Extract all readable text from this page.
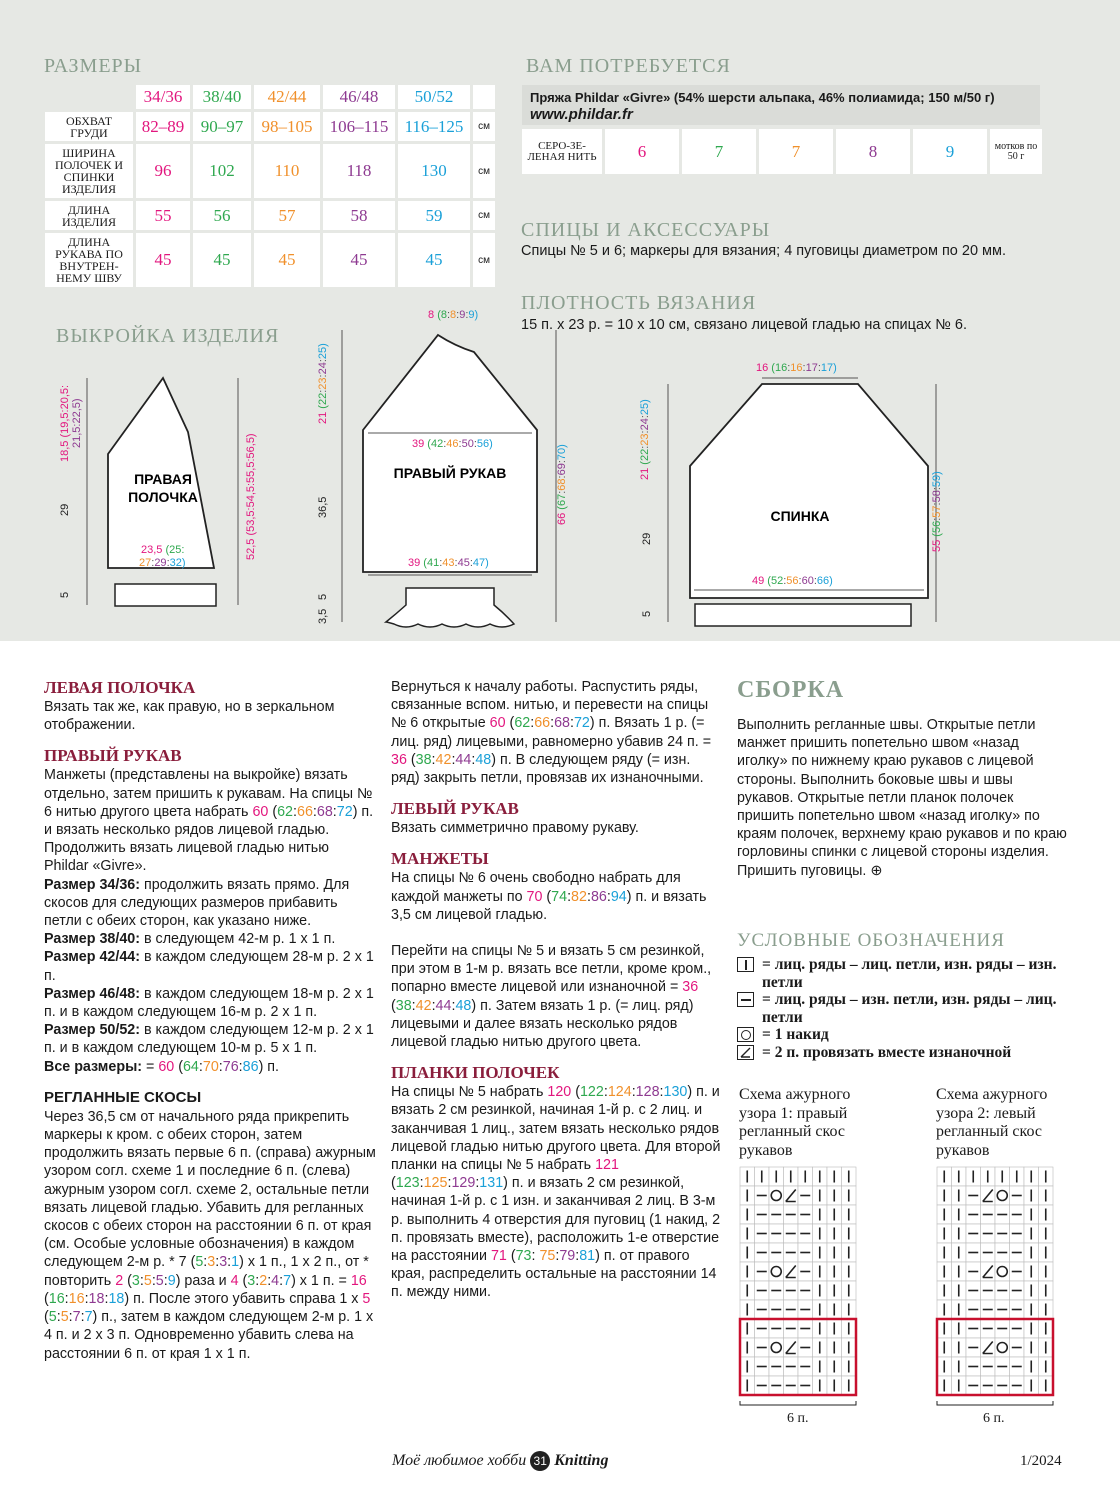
РАЗМЕРЫ
	34/36	38/40	42/44	46/48	50/52	
ОБХВАТ ГРУДИ	82–89	90–97	98–105	106–115	116–125	см
ШИРИНА ПОЛОЧЕК И СПИНКИ ИЗДЕЛИЯ	96	102	110	118	130	см
ДЛИНА ИЗДЕЛИЯ	55	56	57	58	59	см
ДЛИНА РУКАВА ПО ВНУТРЕН-НЕМУ ШВУ	45	45	45	45	45	см
ВАМ ПОТРЕБУЕТСЯ
Пряжа Phildar «Givre» (54% шерсти альпака, 46% полиамида; 150 м/50 г)
www.phildar.fr
СЕРО-ЗЕ-ЛЕНАЯ НИТЬ	6	7	7	8	9	мотков по 50 г
СПИЦЫ И АКСЕССУАРЫ
Спицы № 5 и 6; маркеры для вязания; 4 пуговицы диаметром по 20 мм.
ПЛОТНОСТЬ ВЯЗАНИЯ
15 п. x 23 р. = 10 x 10 см, связано лицевой гладью на спицах № 6.
ВЫКРОЙКА ИЗДЕЛИЯ
ПРАВАЯ
ПОЛОЧКА
23,5 (25:
27:29:32)
18,5 (19,5:20,5: 21,5:22,5)
29
5
52,5 (53,5:54,5:55,5:56,5)	ПРАВЫЙ РУКАВ
39 (42:46:50:56)
39 (41:43:45:47)
8 (8:8:9:9)
21 (22:23:24:25)
36,5
3,5
5
66 (67:68:69:70)
СПИНКА
16 (16:16:17:17)
49 (52:56:60:66)
21 (22:23:24:25)
29
5
55 (56:57:58:59)
ЛЕВАЯ ПОЛОЧКА

Вязать так же, как правую, но в зеркальном отображении.

ПРАВЫЙ РУКАВ

Манжеты (представлены на выкройке) вязать отдельно, затем пришить к рукавам. На спицы № 6 нитью другого цвета набрать 60 (62:66:68:72) п. и вязать несколько рядов лицевой гладью. Продолжить вязать лицевой гладью нитью Phildar «Givre».

Размер 34/36: продолжить вязать прямо. Для скосов для следующих размеров прибавить петли с обеих сторон, как указано ниже.

Размер 38/40: в следующем 42-м р. 1 x 1 п.

Размер 42/44: в каждом следующем 28-м р. 2 x 1 п.

Размер 46/48: в каждом следующем 18-м р. 2 x 1 п. и в каждом следующем 16-м р. 2 x 1 п.

Размер 50/52: в каждом следующем 12-м р. 2 x 1 п. и в каждом следующем 10-м р. 5 x 1 п.

Все размеры: = 60 (64:70:76:86) п.

РЕГЛАННЫЕ СКОСЫ

Через 36,5 см от начального ряда прикрепить маркеры к кром. с обеих сторон, затем продолжить вязать первые 6 п. (справа) ажурным узором согл. схеме 1 и последние 6 п. (слева) ажурным узором согл. схеме 2, остальные петли вязать лицевой гладью. Убавить для регланных скосов с обеих сторон на расстоянии 6 п. от края (см. Особые условные обозначения) в каждом следующем 2-м р. * 7 (5:3:3:1) x 1 п., 1 x 2 п., от * повторить 2 (3:5:5:9) раза и 4 (3:2:4:7) x 1 п. = 16 (16:16:18:18) п. После этого убавить справа 1 x 5 (5:5:7:7) п., затем в каждом следующем 2-м р. 1 x 4 п. и 2 x 3 п. Одновременно убавить слева на расстоянии 6 п. от края 1 x 1 п.

Вернуться к началу работы. Распустить ряды, связанные вспом. нитью, и перевести на спицы № 6 открытые 60 (62:66:68:72) п. Вязать 1 р. (= лиц. ряд) лицевыми, равномерно убавив 24 п. = 36 (38:42:44:48) п. В следующем ряду (= изн. ряд) закрыть петли, провязав их изнаночными.

ЛЕВЫЙ РУКАВ

Вязать симметрично правому рукаву.

МАНЖЕТЫ

На спицы № 6 очень свободно набрать для каждой манжеты по 70 (74:82:86:94) п. и вязать 3,5 см лицевой гладью.

Перейти на спицы № 5 и вязать 5 см резинкой, при этом в 1-м р. вязать все петли, кроме кром., попарно вместе лицевой или изнаночной = 36 (38:42:44:48) п. Затем вязать 1 р. (= лиц. ряд) лицевыми и далее вязать несколько рядов лицевой гладью нитью другого цвета.

ПЛАНКИ ПОЛОЧЕК

На спицы № 5 набрать 120 (122:124:128:130) п. и вязать 2 см резинкой, начиная 1-й р. с 2 лиц. и заканчивая 1 лиц., затем вязать несколько рядов лицевой гладью нитью другого цвета. Для второй планки на спицы № 5 набрать 121 (123:125:129:131) п. и вязать 2 см резинкой, начиная 1-й р. с 1 изн. и заканчивая 2 лиц. В 3-м р. выполнить 4 отверстия для пуговиц (1 накид, 2 п. провязать вместе), расположить 1-е отверстие на расстоянии 71 (73: 75:79:81) п. от правого края, распределить остальные на расстоянии 14 п. между ними.

СБОРКА

Выполнить регланные швы. Открытые петли манжет пришить попетельно швом «назад иголку» по нижнему краю рукавов с лицевой стороны. Выполнить боковые швы и швы рукавов. Открытые петли планок полочек пришить попетельно швом «назад иголку» по краям полочек, верхнему краю рукавов и по краю горловины спинки с лицевой стороны изделия. Пришить пуговицы. ⊕

УСЛОВНЫЕ ОБОЗНАЧЕНИЯ
= лиц. ряды – лиц. петли, изн. ряды – изн. петли
= лиц. ряды – изн. петли, изн. ряды – лиц. петли
= 1 накид
= 2 п. провязать вместе изнаночной
Схема ажурного узора 1: правый регланный скос рукавов
Схема ажурного узора 2: левый регланный скос рукавов
6 п.	6 п.
Моё любимое хобби 31 Knitting	1/2024
